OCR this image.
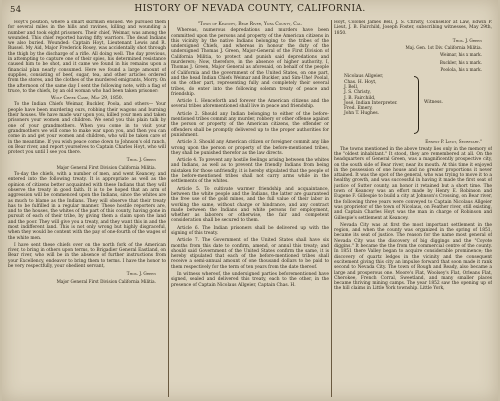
54	HISTORY OF NEVADA COUNTY, CALIFORNIA.

Hoyt's position, where a smart skirmish ensued. We pursued them for several miles in the hills and ravines, killing and wounding a number and took eight prisoners. Their chief, Weimar, was among the wounded. This chief reported having fifty warriors. The dead Indians we also buried. Wounded: Captain Hoyt, Lieutenant Lewis and R. Russel. My Aid, Major Frederick Rosey, was accidentally shot through the thigh by the discharge of a rifle. All doing well. The day previous, in attempting to capture one of their spies, his determined resistance caused him to be shot, and it came we found in his remains upon a financial plan nearly consumed. Here we found a large amount of supplies, consisting of beef, sugar, tea, and other articles ordered from the stores, and the clothes of the murdered emigrants, Morry. On the afternoon of the same day I sent the following note, with a flag of truce, to the chiefs, by an old woman who had been taken prisoner:

Wolf Creek Camp, May 29, 1850.

To the Indian Chiefs Weimar, Buckler, Poola, and others— Your people have been murdering ours, robbing their wagons and burning their houses. We have made war upon you, killed your men and taken prisoners your women and children. We send you this plain talk by one of your grandmothers. When you come in to visit your grandmothers we will come to make war upon you, and then you can come in and get your women and children, who will be taken care of in the meantime. If you wish peace come down to Johnson's old ranch, on Bear river, and report yourselves to Captain Charles Hoyt, who will protect you until I see you there.

Thos. J. Green

Major General First Division California Militia.

To-day the chiefs, with a number of men, and went Keancey, and entered into the following treaty. It is appropriate as well as the opinion of citizens better acquainted with these Indians that they will observe the treaty in good faith. It is to be hoped that an arm of aggression will be commenced upon the Indians, since the whites are as much to blame as the Indians. They will observe that their treaty has to be fulfilled in a regular manner. These hostile reporters are, and to the houses, the whites of the part of this county, having gone in pursuit of each of their tribe, by giving them a claim upon the land and the poor. They will give you a treaty, and they want this in and the most indifferent land. This is not only wrong but highly disgraceful, when they would be content with the pay of one-fourth of the wages of the white men.

I have sent these chiefs over on the north fork of the American river, to bring in others upon terms, to Brigadier General Eastland, on Bear river, who will be in the absence of further instructions from your Excellency, endeavor to bring them to terms. I have the honor to be very respectfully, your obedient servant,

Thos. J. Green

Major General First Division California Militia.

"Town of Keancey, Bear River, Yuba County, Cal.

Whereas, numerous depredations and murders have been committed upon the persons and property of the American citizens in this vicinity by the native Indians belonging to the tribes of the undersigned Chiefs, and whereas in honour the duty of the undersigned Thomas J. Green, Major-General of the First Division of California Militia, to protect and punish said depredations and murderers; Now, therefore, in the absence of higher authority, I, Thomas J. Green, Major General as aforesaid, on behalf of the people of California and the government of the United States, on one part, and the head Indian Chiefs Weimar and Buckler, and Sim-Uhe! Poolal, on the other part, representing fully and completely their several tribes, do enter into the following solemn treaty of peace and friendship.

Article 1. Henceforth and forever the American citizens and the several tribes aforementioned shall live in peace and friendship.

Article 2. Should any Indian belonging to either of the before-mentioned tribes commit any murder, robbery or other offense against the person or property of the American citizens, the offender or offenders shall be promptly delivered up to the proper authorities for punishment.

Article 3. Should any American citizen or foreigner commit any like wrong upon the person or property of the before-mentioned tribes, they shall be punished therefor as the law directs.

Article 4. To prevent any hostile feelings arising between the whites and Indians, as well as to prevent the friendly Indians from being mistaken for those unfriendly, it is hereby stipulated that the people of the before-mentioned tribes shall not carry arms while in the settlements of the whites.

Article 5. To cultivate warmer friendship and acquaintance, between the white people and the Indians, the latter are guaranteed the free use of the gold mines, and the full value of their labor in working the same, without charge or hindrance, and any contract made between the Indians and white persons for employment, whether as laborers or otherwise, the fair and competent consideration shall be secured to them.

Article 6. The Indian prisoners shall be delivered up with the signing of this treaty.

Article 7. The Government of the United States shall have six months from this date to confirm, amend, or annul this treaty; and should said Government of the United States confirm the same, it is hereby stipulated that each of the before-mentioned tribes shall receive a semi-annual amount of one thousand dollars to be paid to them respectively for the term of ten years from the date thereof.

In witness whereof, the undersigned parties beforementioned have signed, sealed and delivered this treaty, each to the other, in the presence of Captain Nicolaus Allgeier, Captain Chas. H.

Hoyt, Colonel James Bell, J. S. Christy, Counsellor at Law, Edwin P. Lieut, J. B. Fairchild, Joseph Foster, subscribing witnesses, May 29th, 1850.

Thos. J. Green

Maj. Gen. 1st Div. California Militia.

Weimar, his x mark.

Buckler, his x mark.

Poolola, his x mark.

Nicolaus Allgeier,
Chas. H. Hoyt,
J. Bell,
J. S. Christy,
J. B. Fairchild,
José, Indian Interpreter.
Fred. Emery,
John T. Hughes.
Witness.

Ernest P. Lieut, Secretary."

The towns mentioned in the above treaty lies only in the memory of the "oldest inhabitant." It stood, they are remembered at all. On the headquarters of General Green, was a magnificently prospective city, on the south side of Bear river, near its mouth. At this time it enjoyed in the possession of one house and no greater proportions it never attained. It was the spot of the general, who was trying to move it to a healthy growth, and was successful in having it made the first seat of justice of Sutter county, an honor it retained but a short time. The town of Keancey was an effort made by Henry E. Robinson and Eugene F. Gillespie to build a city at Johnson's Crossing, on Bear river, the following three years were conveyed to Captain Nicolaus Allgeier was proprietor of the town of Nicolaus, on Feather river, still existing, and Captain Charles Hoyt was the man in charge of Robinson and Gillespie's settlement at Keancey.

Nevada City was at first the most important settlement in the region, and when the county was organized in the spring of 1851, became its seat of justice. The reason for the name most general of Nevada City was the discovery of big diggings and the "Coyote diggins." It became the the from the commercial centre of the county. In 1851 there Valley began to acquire considerable prominence; the discovery of quartz ledges in the vicinity and the consequent excitement giving this city an impulse forward that soon made it rank second to Nevada City. The town of Rough and Ready, also became a large and prosperous one. Moore's Flat, Woolsey's Flat, Orleans Flat, Cherokee, French Corral, Sweetland, and many smaller places became thriving mining camps. The year 1852 saw the opening up of the hill claims in Little York township. Little York,
